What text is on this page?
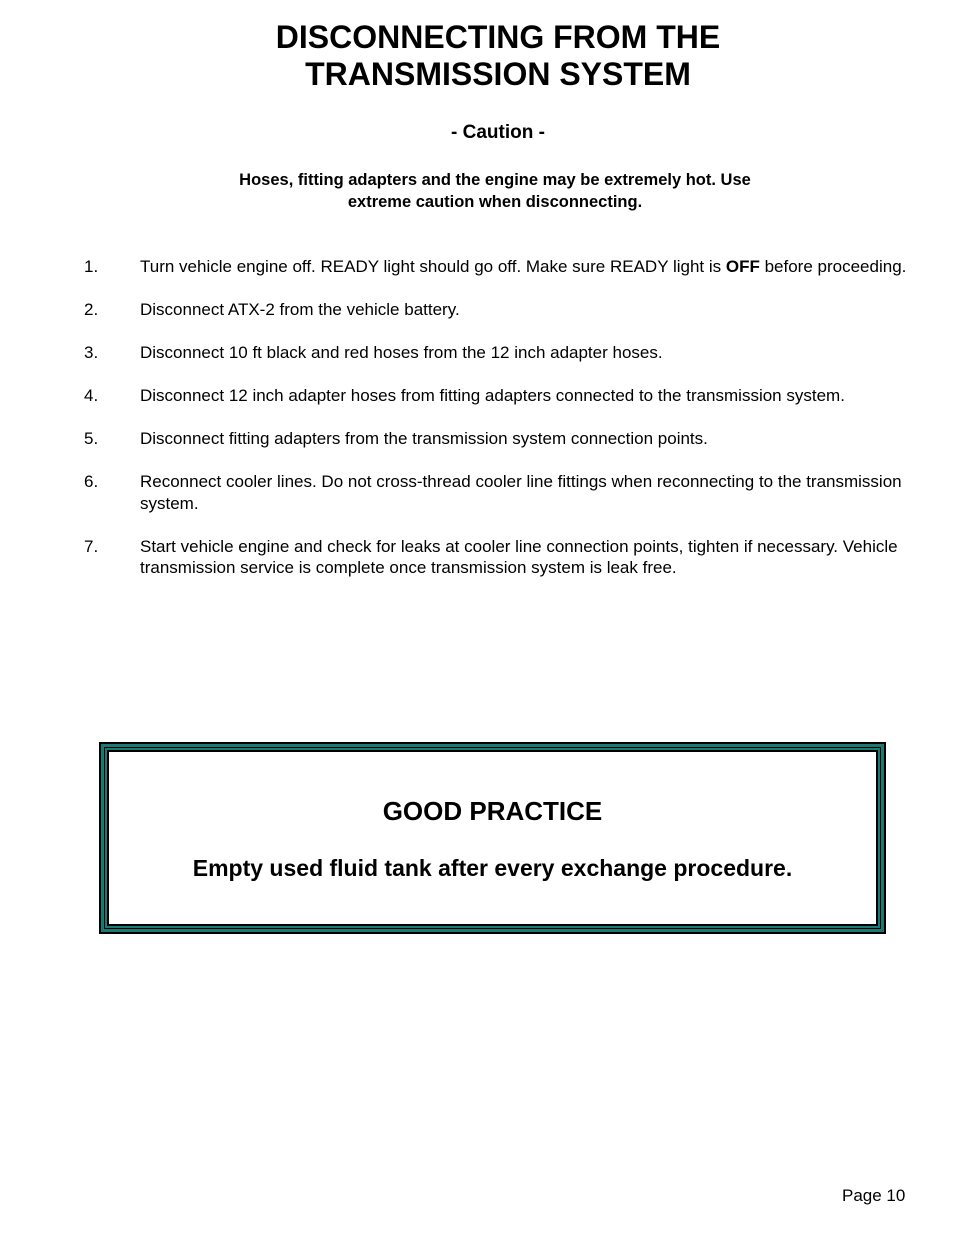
DISCONNECTING FROM THE
TRANSMISSION SYSTEM

- Caution -

Hoses, fitting adapters and the engine may be extremely hot. Use
extreme caution when disconnecting.

1. Turn vehicle engine off. READY light should go off. Make sure READY light is OFF before proceeding.
2. Disconnect ATX-2 from the vehicle battery.
3. Disconnect 10 ft black and red hoses from the 12 inch adapter hoses.
4. Disconnect 12 inch adapter hoses from fitting adapters connected to the transmission system.
5. Disconnect fitting adapters from the transmission system connection points.
6. Reconnect cooler lines. Do not cross-thread cooler line fittings when reconnecting to the transmission system.
7. Start vehicle engine and check for leaks at cooler line connection points, tighten if necessary. Vehicle transmission service is complete once transmission system is leak free.

GOOD PRACTICE

Empty used fluid tank after every exchange procedure.

Page 10
